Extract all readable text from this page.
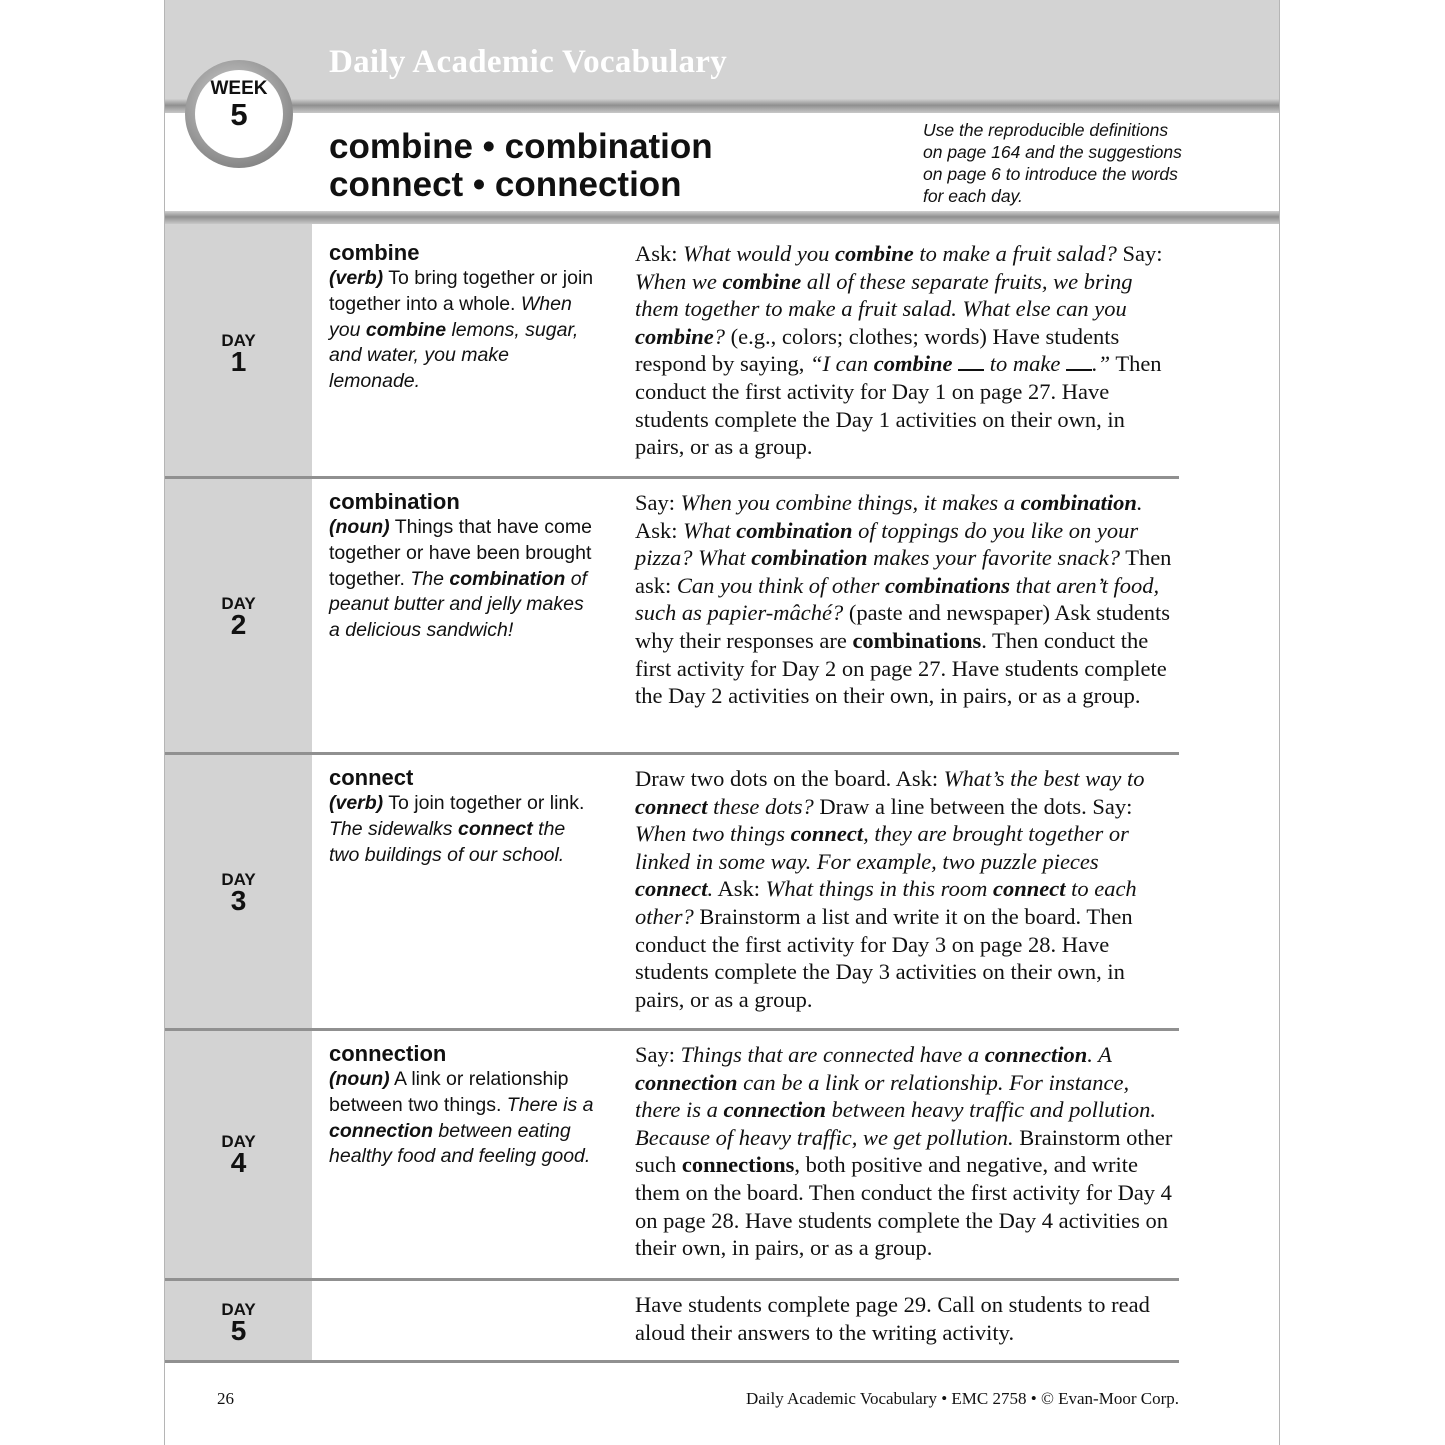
Daily Academic Vocabulary
WEEK
5
combine • combination
connect • connection
Use the reproducible definitions on page 164 and the suggestions on page 6 to introduce the words for each day.
DAY
1
combine
(verb) To bring together or join together into a whole. When you combine lemons, sugar, and water, you make lemonade.
Ask: What would you combine to make a fruit salad? Say: When we combine all of these separate fruits, we bring them together to make a fruit salad. What else can you combine? (e.g., colors; clothes; words) Have students respond by saying, “I can combine  to make .” Then conduct the first activity for Day 1 on page 27. Have students complete the Day 1 activities on their own, in pairs, or as a group.
DAY
2
combination
(noun) Things that have come together or have been brought together. The combination of peanut butter and jelly makes a delicious sandwich!
Say: When you combine things, it makes a combination. Ask: What combination of toppings do you like on your pizza? What combination makes your favorite snack? Then ask: Can you think of other combinations that aren’t food, such as papier-mâché? (paste and newspaper) Ask students why their responses are combinations. Then conduct the first activity for Day 2 on page 27. Have students complete the Day 2 activities on their own, in pairs, or as a group.
DAY
3
connect
(verb) To join together or link. The sidewalks connect the two buildings of our school.
Draw two dots on the board. Ask: What’s the best way to connect these dots? Draw a line between the dots. Say: When two things connect, they are brought together or linked in some way. For example, two puzzle pieces connect. Ask: What things in this room connect to each other? Brainstorm a list and write it on the board. Then conduct the first activity for Day 3 on page 28. Have students complete the Day 3 activities on their own, in pairs, or as a group.
DAY
4
connection
(noun) A link or relationship between two things. There is a connection between eating healthy food and feeling good.
Say: Things that are connected have a connection. A connection can be a link or relationship. For instance, there is a connection between heavy traffic and pollution. Because of heavy traffic, we get pollution. Brainstorm other such connections, both positive and negative, and write them on the board. Then conduct the first activity for Day 4 on page 28. Have students complete the Day 4 activities on their own, in pairs, or as a group.
DAY
5
Have students complete page 29. Call on students to read aloud their answers to the writing activity.
26	Daily Academic Vocabulary • EMC 2758 • © Evan-Moor Corp.
